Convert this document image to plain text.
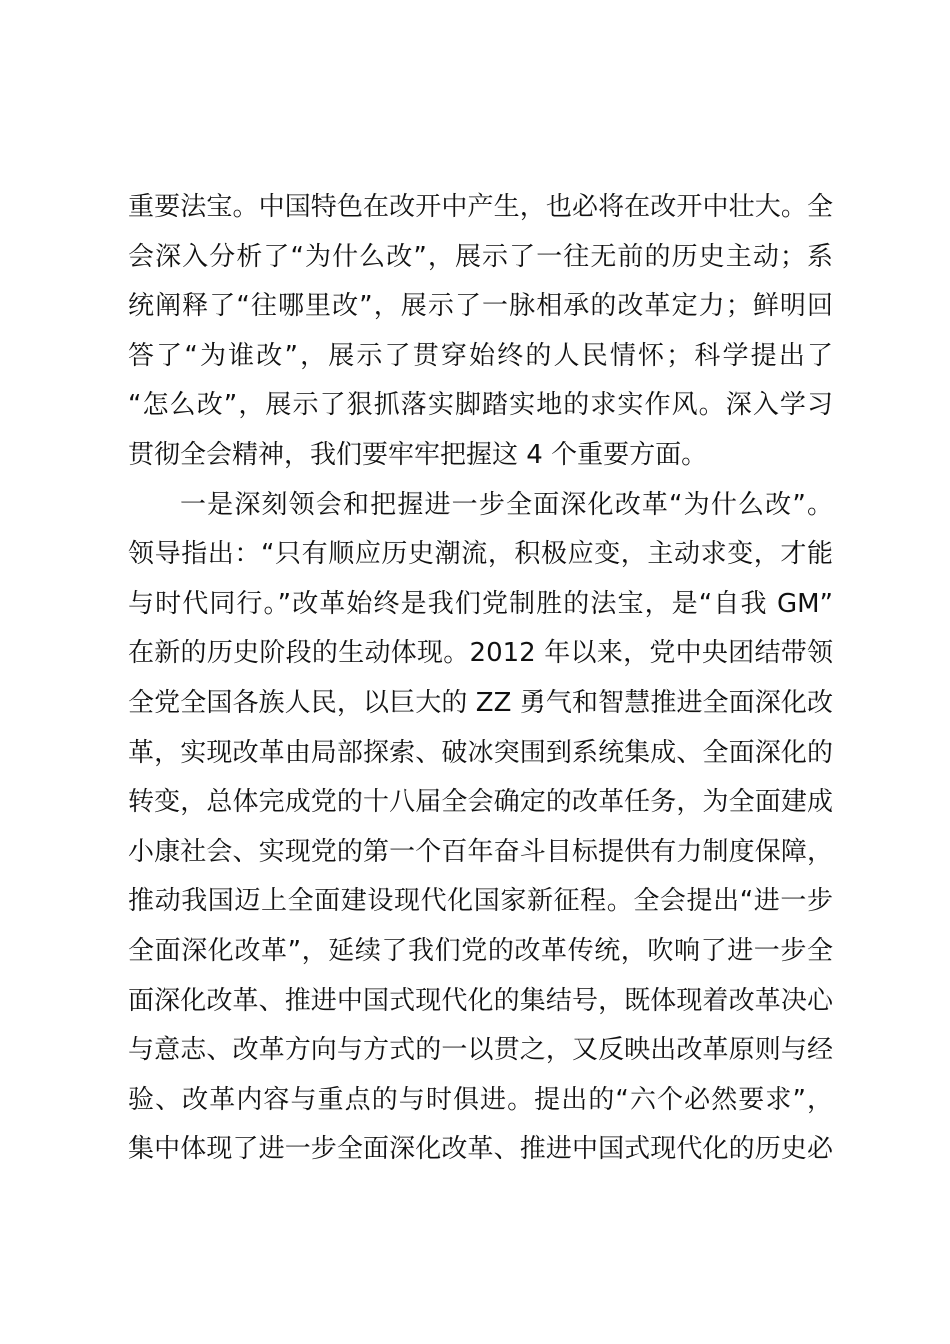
重要法宝。中国特色在改开中产生，也必将在改开中壮大。全
会深入分析了“为什么改”，展示了一往无前的历史主动；系
统阐释了“往哪里改”，展示了一脉相承的改革定力；鲜明回
答了“为谁改”，展示了贯穿始终的人民情怀；科学提出了
“怎么改”，展示了狠抓落实脚踏实地的求实作风。深入学习
贯彻全会精神，我们要牢牢把握这 4 个重要方面。
一是深刻领会和把握进一步全面深化改革“为什么改”。
领导指出：“只有顺应历史潮流，积极应变，主动求变，才能
与时代同行。”改革始终是我们党制胜的法宝，是“自我 GM”
在新的历史阶段的生动体现。2012 年以来，党中央团结带领
全党全国各族人民，以巨大的 ZZ 勇气和智慧推进全面深化改
革，实现改革由局部探索、破冰突围到系统集成、全面深化的
转变，总体完成党的十八届全会确定的改革任务，为全面建成
小康社会、实现党的第一个百年奋斗目标提供有力制度保障，
推动我国迈上全面建设现代化国家新征程。全会提出“进一步
全面深化改革”，延续了我们党的改革传统，吹响了进一步全
面深化改革、推进中国式现代化的集结号，既体现着改革决心
与意志、改革方向与方式的一以贯之，又反映出改革原则与经
验、改革内容与重点的与时俱进。提出的“六个必然要求”，
集中体现了进一步全面深化改革、推进中国式现代化的历史必
